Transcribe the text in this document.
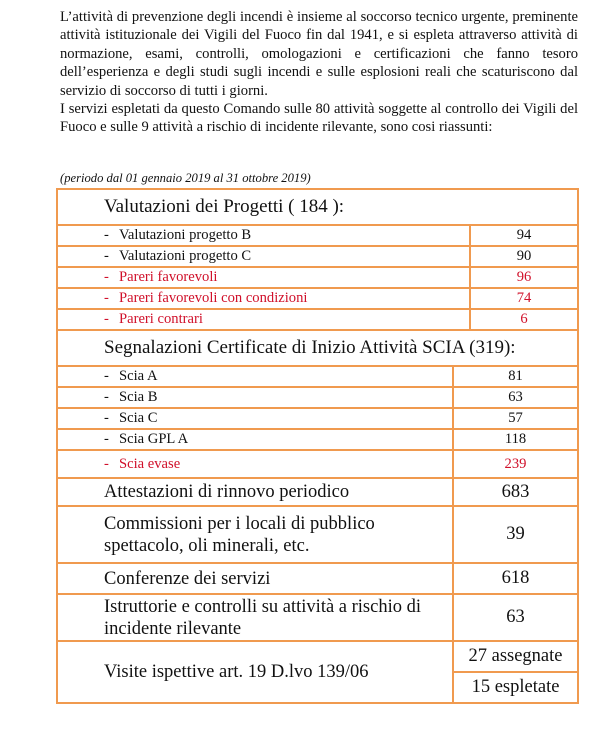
L’attività di prevenzione degli incendi è insieme al soccorso tecnico urgente, preminente attività istituzionale dei Vigili del Fuoco fin dal 1941, e si espleta attraverso attività di normazione, esami, controlli, omologazioni e certificazioni che fanno tesoro dell’esperienza e degli studi sugli incendi e sulle esplosioni reali che scaturiscono dal servizio di soccorso di tutti i giorni.

I servizi espletati da questo Comando sulle 80 attività soggette al controllo dei Vigili del Fuoco e sulle 9 attività a rischio di incidente rilevante, sono cosi riassunti:

(periodo dal 01 gennaio 2019 al 31 ottobre 2019)
Valutazioni dei Progetti ( 184 ):		
- Valutazioni progetto B		94
- Valutazioni progetto C		90
- Pareri favorevoli		96
- Pareri favorevoli con condizioni		74
- Pareri contrari		6
Segnalazioni Certificate di Inizio Attività SCIA (319):		
- Scia A	81	
- Scia B	63	
- Scia C	57	
- Scia GPL A	118	
- Scia evase	239	
Attestazioni di rinnovo periodico	683	
Commissioni per i locali di pubblico spettacolo, oli minerali, etc.	39	
Conferenze dei servizi	618	
Istruttorie e controlli su attività a rischio di incidente rilevante	63	
Visite ispettive art. 19 D.lvo 139/06	27 assegnate	
	15 espletate	
